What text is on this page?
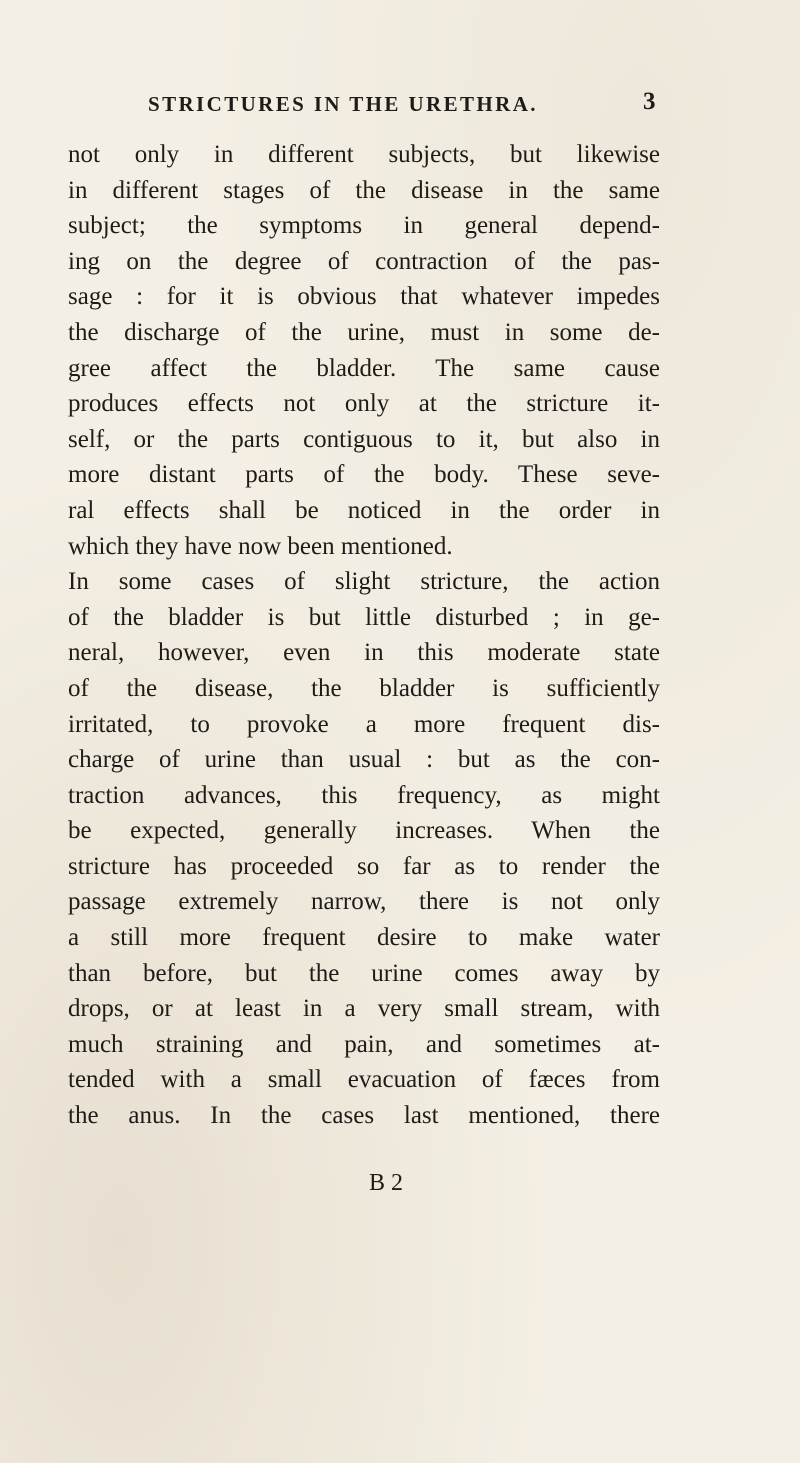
STRICTURES IN THE URETHRA.	3
not only in different subjects, but likewise
in different stages of the disease in the same
subject; the symptoms in general depend-
ing on the degree of contraction of the pas-
sage : for it is obvious that whatever impedes
the discharge of the urine, must in some de-
gree affect the bladder. The same cause
produces effects not only at the stricture it-
self, or the parts contiguous to it, but also in
more distant parts of the body. These seve-
ral effects shall be noticed in the order in
which they have now been mentioned.
In some cases of slight stricture, the action
of the bladder is but little disturbed ; in ge-
neral, however, even in this moderate state
of the disease, the bladder is sufficiently
irritated, to provoke a more frequent dis-
charge of urine than usual : but as the con-
traction advances, this frequency, as might
be expected, generally increases. When the
stricture has proceeded so far as to render the
passage extremely narrow, there is not only
a still more frequent desire to make water
than before, but the urine comes away by
drops, or at least in a very small stream, with
much straining and pain, and sometimes at-
tended with a small evacuation of fæces from
the anus. In the cases last mentioned, there
B 2
